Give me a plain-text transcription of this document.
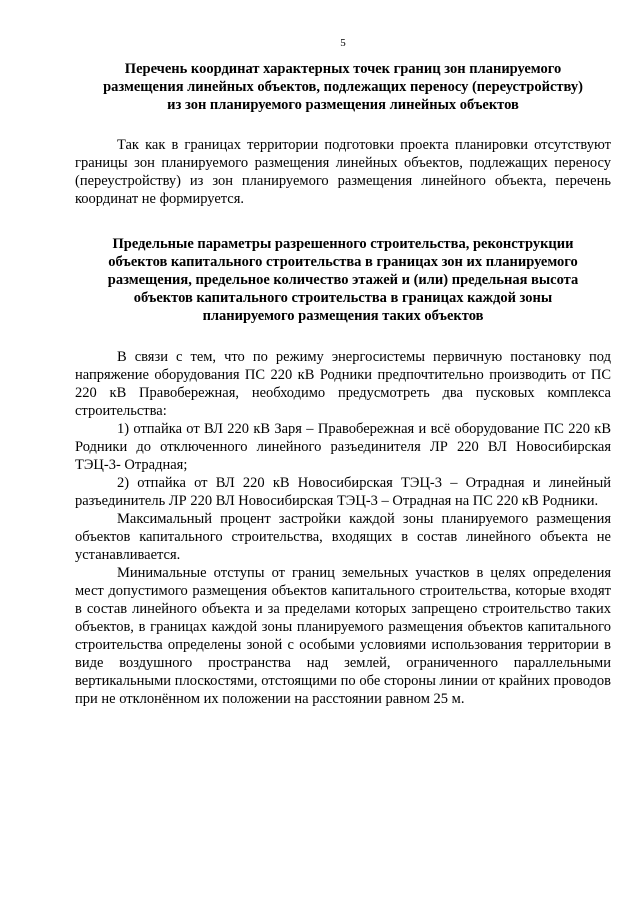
5
Перечень координат характерных точек границ зон планируемого размещения линейных объектов, подлежащих переносу (переустройству) из зон планируемого размещения линейных объектов

Так как в границах территории подготовки проекта планировки отсутствуют границы зон планируемого размещения линейных объектов, подлежащих переносу (переустройству) из зон планируемого размещения линейного объекта, перечень координат не формируется.

Предельные параметры разрешенного строительства, реконструкции объектов капитального строительства в границах зон их планируемого размещения, предельное количество этажей и (или) предельная высота объектов капитального строительства в границах каждой зоны планируемого размещения таких объектов

В связи с тем, что по режиму энергосистемы первичную постановку под напряжение оборудования ПС 220 кВ Родники предпочтительно производить от ПС 220 кВ Правобережная, необходимо предусмотреть два пусковых комплекса строительства:

1) отпайка от ВЛ 220 кВ Заря – Правобережная и всё оборудование ПС 220 кВ Родники до отключенного линейного разъединителя ЛР 220 ВЛ Новосибирская ТЭЦ-3- Отрадная;

2) отпайка от ВЛ 220 кВ Новосибирская ТЭЦ-3 – Отрадная и линейный разъединитель ЛР 220 ВЛ Новосибирская ТЭЦ-3 – Отрадная на ПС 220 кВ Родники.

Максимальный процент застройки каждой зоны планируемого размещения объектов капитального строительства, входящих в состав линейного объекта не устанавливается.

Минимальные отступы от границ земельных участков в целях определения мест допустимого размещения объектов капитального строительства, которые входят в состав линейного объекта и за пределами которых запрещено строительство таких объектов, в границах каждой зоны планируемого размещения объектов капитального строительства определены зоной с особыми условиями использования территории в виде воздушного пространства над землей, ограниченного параллельными вертикальными плоскостями, отстоящими по обе стороны линии от крайних проводов при не отклонённом их положении на расстоянии равном 25 м.
